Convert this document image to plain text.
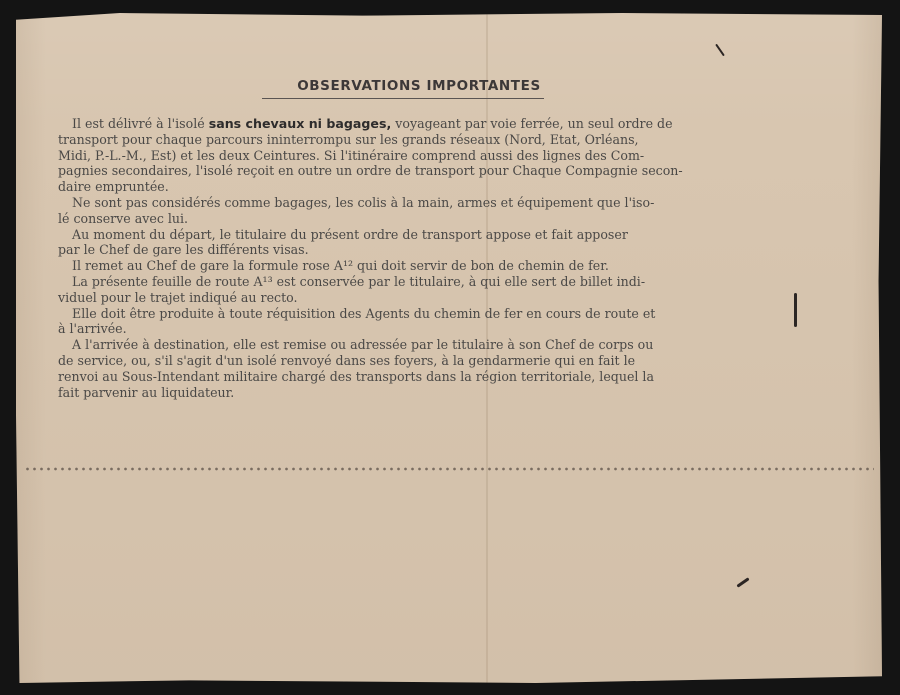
OBSERVATIONS IMPORTANTES
Il est délivré à l'isolé sans chevaux ni bagages, voyageant par voie ferrée, un seul ordre de
transport pour chaque parcours ininterrompu sur les grands réseaux (Nord, Etat, Orléans,
Midi, P.-L.-M., Est) et les deux Ceintures. Si l'itinéraire comprend aussi des lignes des Com-
pagnies secondaires, l'isolé reçoit en outre un ordre de transport pour Chaque Compagnie secon-
daire empruntée.
Ne sont pas considérés comme bagages, les colis à la main, armes et équipement que l'iso-
lé conserve avec lui.
Au moment du départ, le titulaire du présent ordre de transport appose et fait apposer
par le Chef de gare les différents visas.
Il remet au Chef de gare la formule rose A¹² qui doit servir de bon de chemin de fer.
La présente feuille de route A¹³ est conservée par le titulaire, à qui elle sert de billet indi-
viduel pour le trajet indiqué au recto.
Elle doit être produite à toute réquisition des Agents du chemin de fer en cours de route et
à l'arrivée.
A l'arrivée à destination, elle est remise ou adressée par le titulaire à son Chef de corps ou
de service, ou, s'il s'agit d'un isolé renvoyé dans ses foyers, à la gendarmerie qui en fait le
renvoi au Sous-Intendant militaire chargé des transports dans la région territoriale, lequel la
fait parvenir au liquidateur.
